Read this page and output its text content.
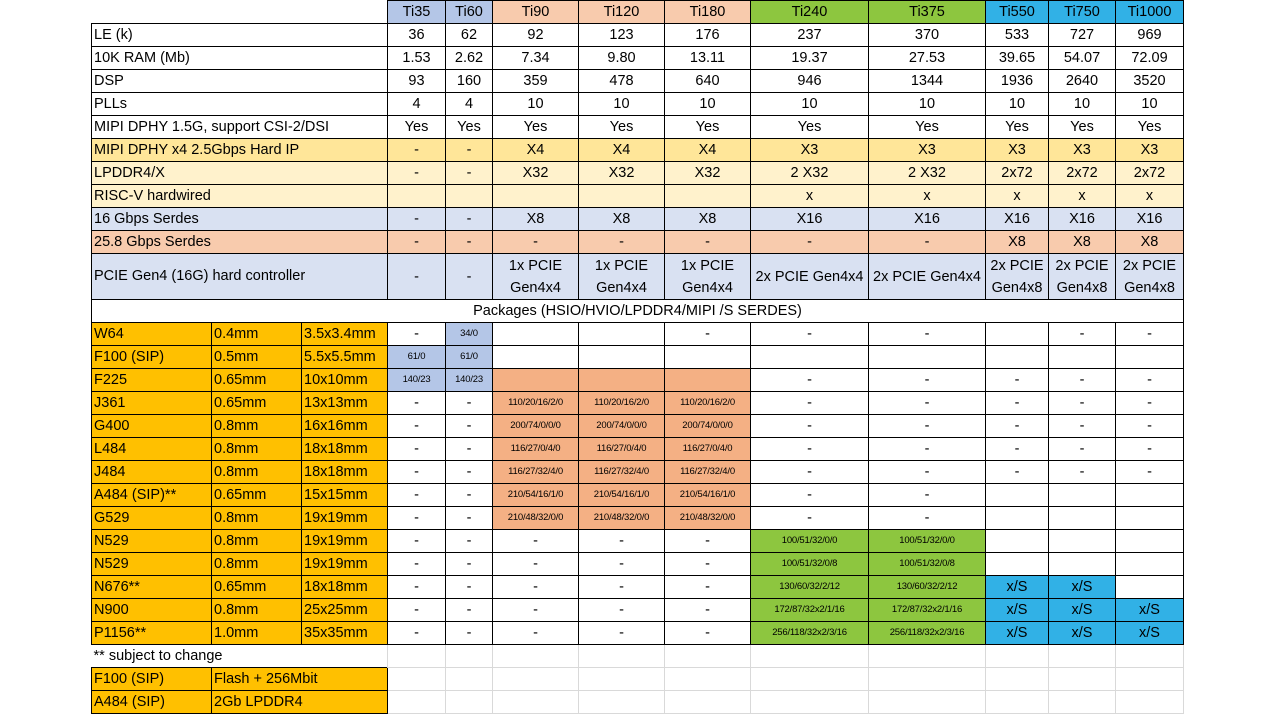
			Ti35	Ti60	Ti90	Ti120	Ti180	Ti240	Ti375	Ti550	Ti750	Ti1000
LE (k)			36	62	92	123	176	237	370	533	727	969
10K RAM (Mb)			1.53	2.62	7.34	9.80	13.11	19.37	27.53	39.65	54.07	72.09
DSP			93	160	359	478	640	946	1344	1936	2640	3520
PLLs			4	4	10	10	10	10	10	10	10	10
MIPI DPHY 1.5G, support CSI-2/DSI			Yes	Yes	Yes	Yes	Yes	Yes	Yes	Yes	Yes	Yes
MIPI DPHY x4 2.5Gbps Hard IP			-	-	X4	X4	X4	X3	X3	X3	X3	X3
LPDDR4/X			-	-	X32	X32	X32	2 X32	2 X32	2x72	2x72	2x72
RISC-V hardwired								x	x	x	x	x
16 Gbps Serdes			-	-	X8	X8	X8	X16	X16	X16	X16	X16
25.8 Gbps Serdes			-	-	-	-	-	-	-	X8	X8	X8
PCIE Gen4 (16G) hard controller			-	-	1x PCIE Gen4x4	1x PCIE Gen4x4	1x PCIE Gen4x4	2x PCIE Gen4x4	2x PCIE Gen4x4	2x PCIE Gen4x8	2x PCIE Gen4x8	2x PCIE Gen4x8
Packages (HSIO/HVIO/LPDDR4/MIPI /S SERDES)												
W64	0.4mm	3.5x3.4mm	-	34/0			-	-	-		-	-
F100 (SIP)	0.5mm	5.5x5.5mm	61/0	61/0								
F225	0.65mm	10x10mm	140/23	140/23				-	-	-	-	-
J361	0.65mm	13x13mm	-	-	110/20/16/2/0	110/20/16/2/0	110/20/16/2/0	-	-	-	-	-
G400	0.8mm	16x16mm	-	-	200/74/0/0/0	200/74/0/0/0	200/74/0/0/0	-	-	-	-	-
L484	0.8mm	18x18mm	-	-	116/27/0/4/0	116/27/0/4/0	116/27/0/4/0	-	-	-	-	-
J484	0.8mm	18x18mm	-	-	116/27/32/4/0	116/27/32/4/0	116/27/32/4/0	-	-	-	-	-
A484 (SIP)**	0.65mm	15x15mm	-	-	210/54/16/1/0	210/54/16/1/0	210/54/16/1/0	-	-			
G529	0.8mm	19x19mm	-	-	210/48/32/0/0	210/48/32/0/0	210/48/32/0/0	-	-			
N529	0.8mm	19x19mm	-	-	-	-	-	100/51/32/0/0	100/51/32/0/0			
N529	0.8mm	19x19mm	-	-	-	-	-	100/51/32/0/8	100/51/32/0/8			
N676**	0.65mm	18x18mm	-	-	-	-	-	130/60/32/2/12	130/60/32/2/12	x/S	x/S	
N900	0.8mm	25x25mm	-	-	-	-	-	172/87/32x2/1/16	172/87/32x2/1/16	x/S	x/S	x/S
P1156**	1.0mm	35x35mm	-	-	-	-	-	256/118/32x2/3/16	256/118/32x2/3/16	x/S	x/S	x/S
** subject to change												
F100 (SIP)	Flash + 256Mbit											
A484 (SIP)	2Gb LPDDR4											
